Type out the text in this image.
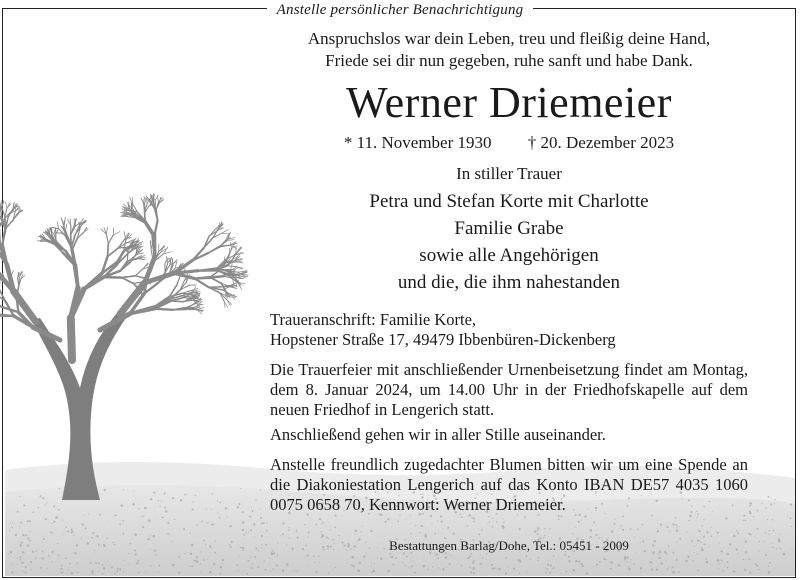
Anstelle persönlicher Benachrichtigung

Anspruchslos war dein Leben, treu und fleißig deine Hand,

Friede sei dir nun gegeben, ruhe sanft und habe Dank.

Werner Driemeier

* 11. November 1930 † 20. Dezember 2023

In stiller Trauer

Petra und Stefan Korte mit Charlotte

Familie Grabe

sowie alle Angehörigen

und die, die ihm nahestanden

Traueranschrift: Familie Korte,
Hopstener Straße 17, 49479 Ibbenbüren-Dickenberg

Die Trauerfeier mit anschließender Urnenbeisetzung findet am Montag, dem 8. Januar 2024, um 14.00 Uhr in der Friedhofskapelle auf dem neuen Friedhof in Lengerich statt.

Anschließend gehen wir in aller Stille auseinander.

Anstelle freundlich zugedachter Blumen bitten wir um eine Spende an die Diakoniestation Lengerich auf das Konto IBAN DE57 4035 1060 0075 0658 70, Kennwort: Werner Driemeier.

Bestattungen Barlag/Dohe, Tel.: 05451 - 2009
